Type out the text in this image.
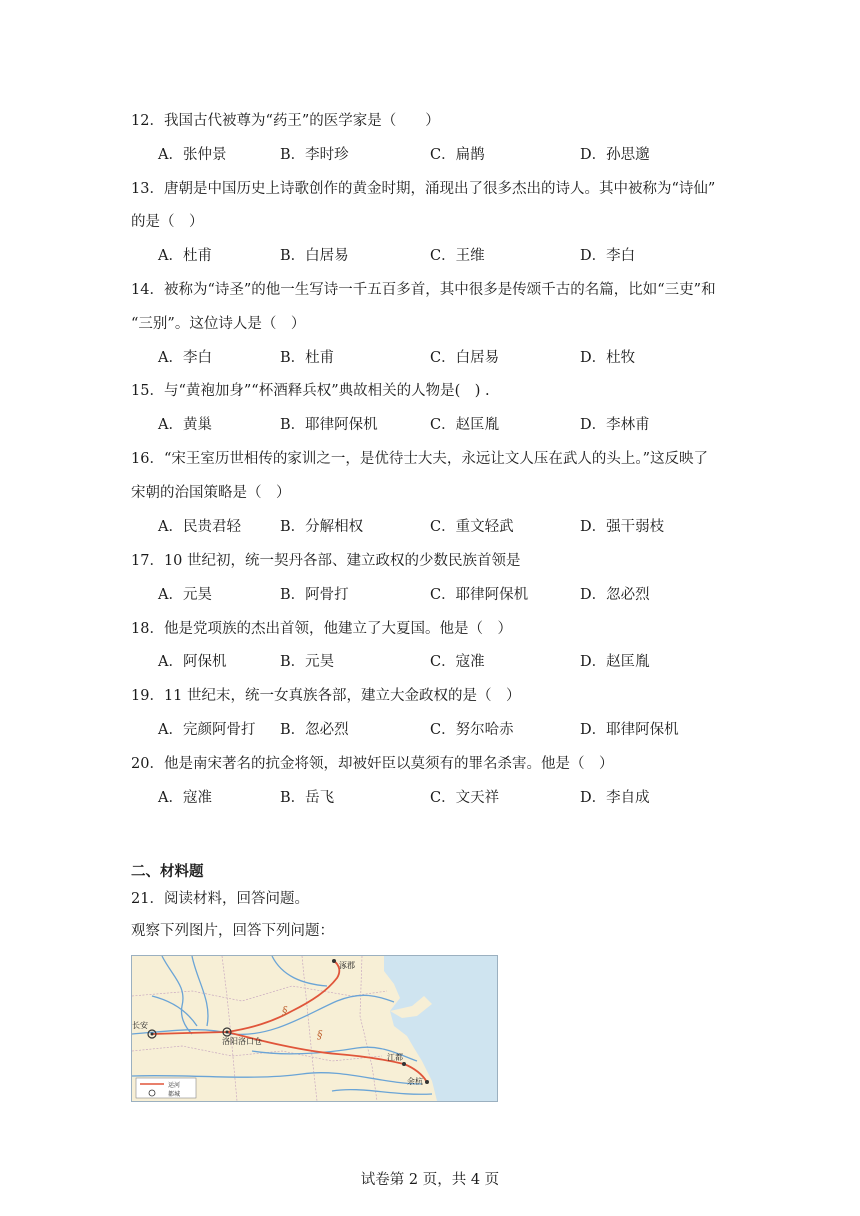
12．我国古代被尊为“药王”的医学家是（　　）
A．张仲景	B．李时珍	C．扁鹊	D．孙思邈
13．唐朝是中国历史上诗歌创作的黄金时期，涌现出了很多杰出的诗人。其中被称为“诗仙”
的是（　）
A．杜甫	B．白居易	C．王维	D．李白
14．被称为“诗圣”的他一生写诗一千五百多首，其中很多是传颂千古的名篇，比如“三吏”和
“三别”。这位诗人是（　）
A．李白	B．杜甫	C．白居易	D．杜牧
15．与“黄袍加身”“杯酒释兵权”典故相关的人物是(　) .
A．黄巢	B．耶律阿保机	C．赵匡胤	D．李林甫
16．“宋王室历世相传的家训之一，是优待士大夫，永远让文人压在武人的头上。”这反映了
宋朝的治国策略是（　）
A．民贵君轻	B．分解相权	C．重文轻武	D．强干弱枝
17．10 世纪初，统一契丹各部、建立政权的少数民族首领是
A．元昊	B．阿骨打	C．耶律阿保机	D．忽必烈
18．他是党项族的杰出首领，他建立了大夏国。他是（　）
A．阿保机	B．元昊	C．寇准	D．赵匡胤
19．11 世纪末，统一女真族各部，建立大金政权的是（　）
A．完颜阿骨打 B．忽必烈	C．努尔哈赤	D．耶律阿保机
20．他是南宋著名的抗金将领，却被奸臣以莫须有的罪名杀害。他是（　）
A．寇准	B．岳飞	C．文天祥	D．李自成
二、材料题
21．阅读材料，回答问题。
观察下列图片，回答下列问题：
§
§
长安
洛阳洛口仓
涿郡
江都
余杭
运河
都城
试卷第 2 页，共 4 页
